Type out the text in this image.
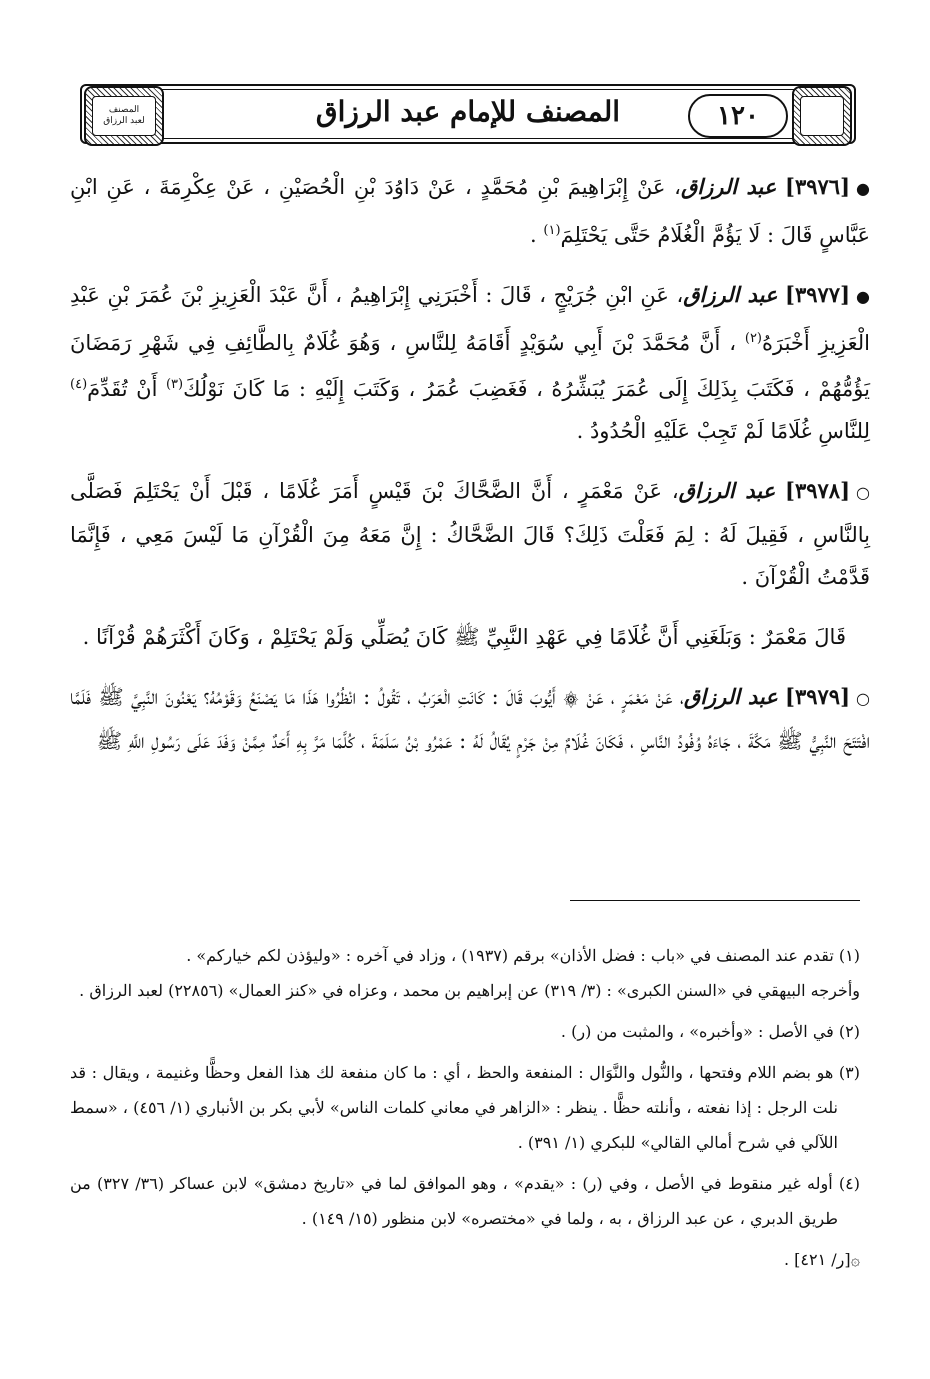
١٢٠
المصنف للإمام عبد الرزاق
المصنف
لعبد الرزاق

●[٣٩٧٦] عبد الرزاق، عَنْ إِبْرَاهِيمَ بْنِ مُحَمَّدٍ ، عَنْ دَاوُدَ بْنِ الْحُصَيْنِ ، عَنْ عِكْرِمَةَ ، عَنِ ابْنِ عَبَّاسٍ قَالَ : لَا يَؤُمَّ الْغُلَامُ حَتَّى يَحْتَلِمَ$^{(١)}$ .

●[٣٩٧٧] عبد الرزاق، عَنِ ابْنِ جُرَيْجٍ ، قَالَ : أَخْبَرَنِي إِبْرَاهِيمُ ، أَنَّ عَبْدَ الْعَزِيزِ بْنَ عُمَرَ بْنِ عَبْدِ الْعَزِيزِ أَخْبَرَهُ$^{(٢)}$ ، أَنَّ مُحَمَّدَ بْنَ أَبِي سُوَيْدٍ أَقَامَهُ لِلنَّاسِ ، وَهُوَ غُلَامٌ بِالطَّائِفِ فِي شَهْرِ رَمَضَانَ يَؤُمُّهُمْ ، فَكَتَبَ بِذَلِكَ إِلَى عُمَرَ يُبَشِّرُهُ ، فَغَضِبَ عُمَرُ ، وَكَتَبَ إِلَيْهِ : مَا كَانَ نَوْلُكَ$^{(٣)}$ أَنْ تُقَدِّمَ$^{(٤)}$ لِلنَّاسِ غُلَامًا لَمْ تَجِبْ عَلَيْهِ الْحُدُودُ .

○[٣٩٧٨] عبد الرزاق، عَنْ مَعْمَرٍ ، أَنَّ الضَّحَّاكَ بْنَ قَيْسٍ أَمَرَ غُلَامًا ، قَبْلَ أَنْ يَحْتَلِمَ فَصَلَّى بِالنَّاسِ ، فَقِيلَ لَهُ : لِمَ فَعَلْتَ ذَلِكَ؟ قَالَ الضَّحَّاكُ : إِنَّ مَعَهُ مِنَ الْقُرْآنِ مَا لَيْسَ مَعِي ، فَإِنَّمَا قَدَّمْتُ الْقُرْآنَ .

قَالَ مَعْمَرٌ : وَبَلَغَنِي أَنَّ غُلَامًا فِي عَهْدِ النَّبِيِّ ﷺ كَانَ يُصَلِّي وَلَمْ يَحْتَلِمْ ، وَكَانَ أَكْثَرَهُمْ قُرْآنًا .

○[٣٩٧٩] عبد الرزاق، عَنْ مَعْمَرٍ ، عَنْ ۞ أَيُّوبَ قَالَ : كَانَتِ الْعَرَبُ ، تَقُولُ : انْظُرُوا هَذَا مَا يَصْنَعُ وَقَوْمُهُ؟ يَعْنُونَ النَّبِيَّ ﷺ فَلَمَّا افْتَتَحَ النَّبِيُّ ﷺ مَكَّةَ ، جَاءَهُ وُفُودُ النَّاسِ ، فَكَانَ غُلَامٌ مِنْ جَرْمٍ يُقَالُ لَهُ : عَمْرُو بْنُ سَلَمَةَ ، كُلَّمَا مَرَّ بِهِ أَحَدٌ مِمَّنْ وَفَدَ عَلَى رَسُولِ اللَّهِ ﷺ

(١) تقدم عند المصنف في «باب : فضل الأذان» برقم (١٩٣٧) ، وزاد في آخره : «وليؤذن لكم خياركم» .
وأخرجه البيهقي في «السنن الكبرى» : (٣/ ٣١٩) عن إبراهيم بن محمد ، وعزاه في «كنز العمال» (٢٢٨٥٦) لعبد الرزاق .
(٢) في الأصل : «وأخبره» ، والمثبت من (ر) .
(٣) هو بضم اللام وفتحها ، والنُّول والنَّوَال : المنفعة والحظ ، أي : ما كان منفعة لك هذا الفعل وحظًّا وغنيمة ، ويقال : قد نلت الرجل : إذا نفعته ، وأنلته حظًّا . ينظر : «الزاهر في معاني كلمات الناس» لأبي بكر بن الأنباري (١/ ٤٥٦) ، «سمط اللآلي في شرح أمالي القالي» للبكري (١/ ٣٩١) .
(٤) أوله غير منقوط في الأصل ، وفي (ر) : «يقدم» ، وهو الموافق لما في «تاريخ دمشق» لابن عساكر (٣٦/ ٣٢٧) من طريق الدبري ، عن عبد الرزاق ، به ، ولما في «مختصره» لابن منظور (١٥/ ١٤٩) .
۞[ر/ ٤٢١] .
